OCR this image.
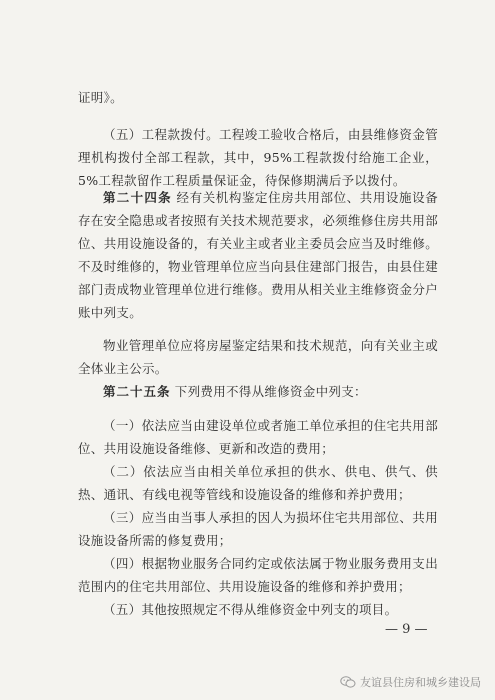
证明》。

（五）工程款拨付。工程竣工验收合格后，由县维修资金管理机构拨付全部工程款，其中，95%工程款拨付给施工企业，5%工程款留作工程质量保证金，待保修期满后予以拨付。

第二十四条 经有关机构鉴定住房共用部位、共用设施设备存在安全隐患或者按照有关技术规范要求，必须维修住房共用部位、共用设施设备的，有关业主或者业主委员会应当及时维修。不及时维修的，物业管理单位应当向县住建部门报告，由县住建部门责成物业管理单位进行维修。费用从相关业主维修资金分户账中列支。

物业管理单位应将房屋鉴定结果和技术规范，向有关业主或全体业主公示。

第二十五条 下列费用不得从维修资金中列支：

（一）依法应当由建设单位或者施工单位承担的住宅共用部位、共用设施设备维修、更新和改造的费用；

（二）依法应当由相关单位承担的供水、供电、供气、供热、通讯、有线电视等管线和设施设备的维修和养护费用；

（三）应当由当事人承担的因人为损坏住宅共用部位、共用设施设备所需的修复费用；

（四）根据物业服务合同约定或依法属于物业服务费用支出范围内的住宅共用部位、共用设施设备的维修和养护费用；

（五）其他按照规定不得从维修资金中列支的项目。

— 9 —
友谊县住房和城乡建设局
